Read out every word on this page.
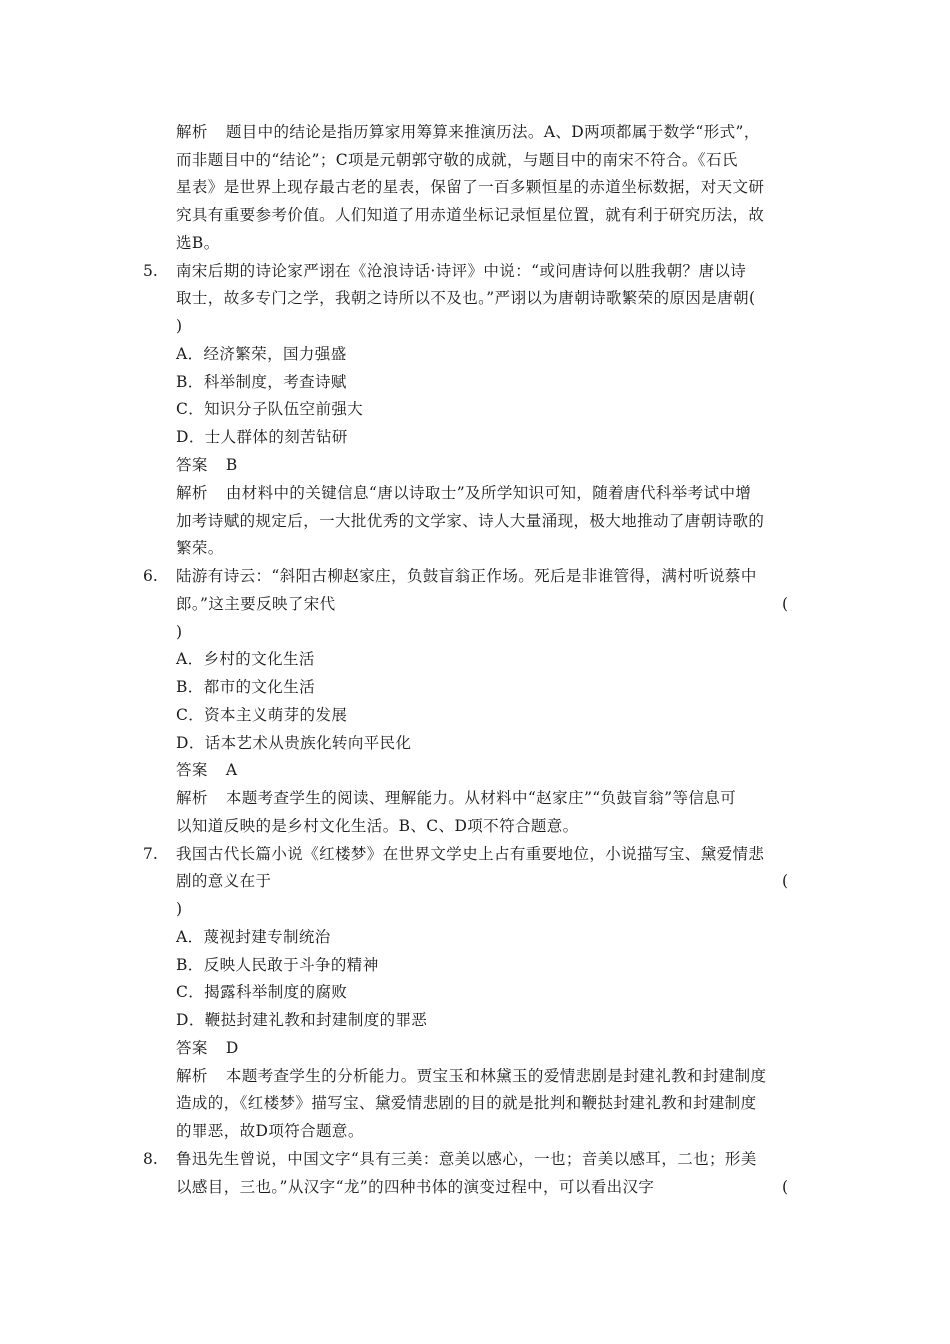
解析 题目中的结论是指历算家用筹算来推演历法。A、D两项都属于数学“形式”，
而非题目中的“结论”；C项是元朝郭守敬的成就，与题目中的南宋不符合。《石氏
星表》是世界上现存最古老的星表，保留了一百多颗恒星的赤道坐标数据，对天文研
究具有重要参考价值。人们知道了用赤道坐标记录恒星位置，就有利于研究历法，故
选B。
5. 南宋后期的诗论家严诩在《沧浪诗话·诗评》中说：“或问唐诗何以胜我朝？唐以诗
取士，故多专门之学，我朝之诗所以不及也。”严诩以为唐朝诗歌繁荣的原因是唐朝(
)
A．经济繁荣，国力强盛
B．科举制度，考查诗赋
C．知识分子队伍空前强大
D．士人群体的刻苦钻研
答案 B
解析 由材料中的关键信息“唐以诗取士”及所学知识可知，随着唐代科举考试中增
加考诗赋的规定后，一大批优秀的文学家、诗人大量涌现，极大地推动了唐朝诗歌的
繁荣。
6. 陆游有诗云：“斜阳古柳赵家庄，负鼓盲翁正作场。死后是非谁管得，满村听说蔡中
郎。”这主要反映了宋代	(
)
A．乡村的文化生活
B．都市的文化生活
C．资本主义萌芽的发展
D．话本艺术从贵族化转向平民化
答案 A
解析 本题考查学生的阅读、理解能力。从材料中“赵家庄”“负鼓盲翁”等信息可
以知道反映的是乡村文化生活。B、C、D项不符合题意。
7. 我国古代长篇小说《红楼梦》在世界文学史上占有重要地位，小说描写宝、黛爱情悲
剧的意义在于	(
)
A．蔑视封建专制统治
B．反映人民敢于斗争的精神
C．揭露科举制度的腐败
D．鞭挞封建礼教和封建制度的罪恶
答案 D
解析 本题考查学生的分析能力。贾宝玉和林黛玉的爱情悲剧是封建礼教和封建制度
造成的，《红楼梦》描写宝、黛爱情悲剧的目的就是批判和鞭挞封建礼教和封建制度
的罪恶，故D项符合题意。
8. 鲁迅先生曾说，中国文字“具有三美：意美以感心，一也；音美以感耳，二也；形美
以感目，三也。”从汉字“龙”的四种书体的演变过程中，可以看出汉字	(
